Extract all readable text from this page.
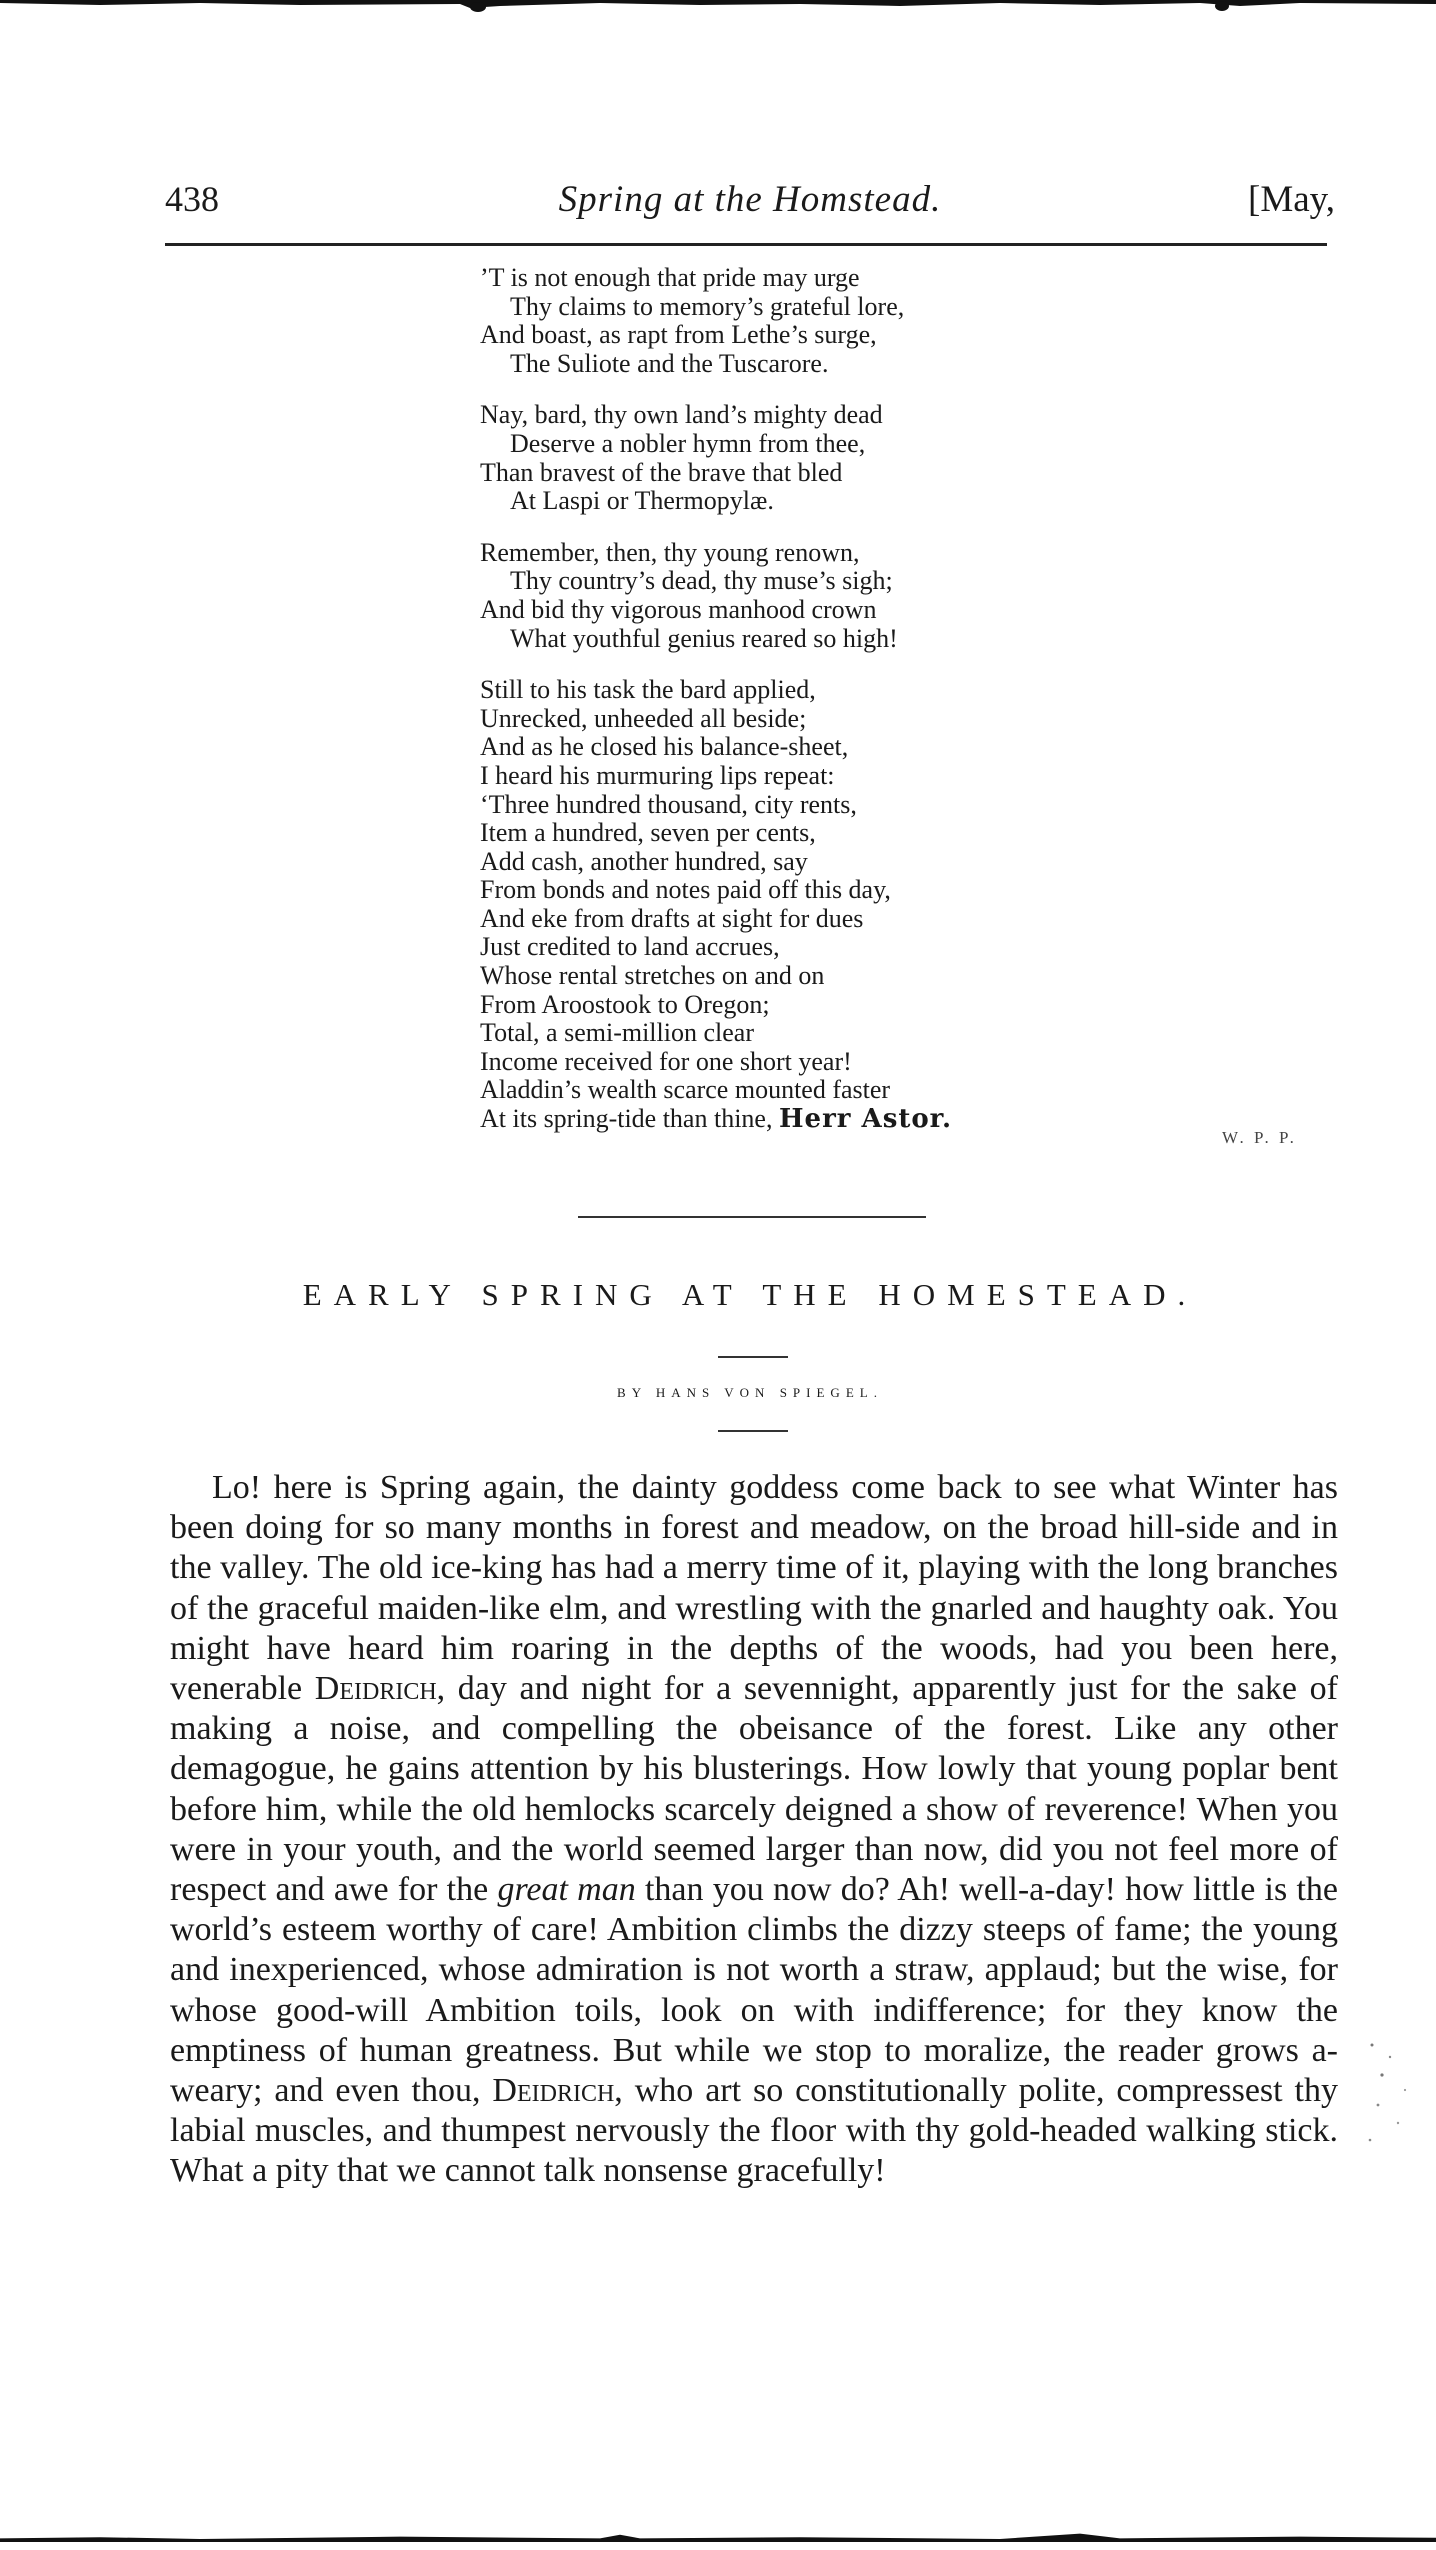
438	Spring at the Homstead.	[May,
’T is not enough that pride may urge
Thy claims to memory’s grateful lore,
And boast, as rapt from Lethe’s surge,
The Suliote and the Tuscarore.
Nay, bard, thy own land’s mighty dead
Deserve a nobler hymn from thee,
Than bravest of the brave that bled
At Laspi or Thermopylæ.
Remember, then, thy young renown,
Thy country’s dead, thy muse’s sigh;
And bid thy vigorous manhood crown
What youthful genius reared so high!
Still to his task the bard applied,
Unrecked, unheeded all beside;
And as he closed his balance-sheet,
I heard his murmuring lips repeat:
‘Three hundred thousand, city rents,
Item a hundred, seven per cents,
Add cash, another hundred, say
From bonds and notes paid off this day,
And eke from drafts at sight for dues
Just credited to land accrues,
Whose rental stretches on and on
From Aroostook to Oregon;
Total, a semi-million clear
Income received for one short year!
Aladdin’s wealth scarce mounted faster
At its spring-tide than thine, Herr Astor.
W. P. P.
EARLY SPRING AT THE HOMESTEAD.
BY HANS VON SPIEGEL.

Lo! here is Spring again, the dainty goddess come back to see what Winter has been doing for so many months in forest and meadow, on the broad hill-side and in the valley. The old ice-king has had a merry time of it, playing with the long branches of the graceful maiden-like elm, and wrestling with the gnarled and haughty oak. You might have heard him roaring in the depths of the woods, had you been here, venerable Deidrich, day and night for a sevennight, apparently just for the sake of making a noise, and compelling the obeisance of the forest. Like any other demagogue, he gains attention by his blusterings. How lowly that young poplar bent before him, while the old hemlocks scarcely deigned a show of reverence! When you were in your youth, and the world seemed larger than now, did you not feel more of respect and awe for the great man than you now do? Ah! well-a-day! how little is the world’s esteem worthy of care! Ambition climbs the dizzy steeps of fame; the young and inexperienced, whose admiration is not worth a straw, applaud; but the wise, for whose good-will Ambition toils, look on with indifference; for they know the emptiness of human greatness. But while we stop to moralize, the reader grows a-weary; and even thou, Deidrich, who art so constitutionally polite, compressest thy labial muscles, and thumpest nervously the floor with thy gold-headed walking stick. What a pity that we cannot talk nonsense gracefully!
